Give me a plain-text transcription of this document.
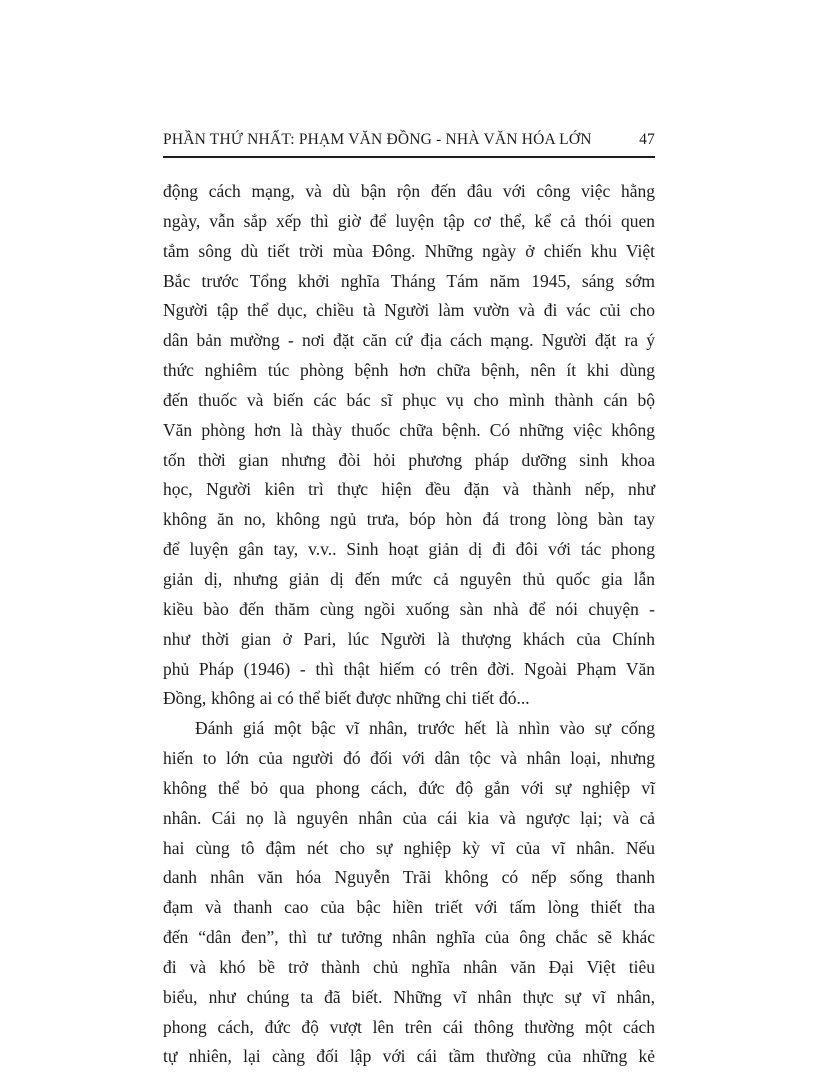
PHẦN THỨ NHẤT: PHẠM VĂN ĐỒNG - NHÀ VĂN HÓA LỚN	47
động cách mạng, và dù bận rộn đến đâu với công việc hằng
ngày, vẫn sắp xếp thì giờ để luyện tập cơ thể, kể cả thói quen
tắm sông dù tiết trời mùa Đông. Những ngày ở chiến khu Việt
Bắc trước Tổng khởi nghĩa Tháng Tám năm 1945, sáng sớm
Người tập thể dục, chiều tà Người làm vườn và đi vác củi cho
dân bản mường - nơi đặt căn cứ địa cách mạng. Người đặt ra ý
thức nghiêm túc phòng bệnh hơn chữa bệnh, nên ít khi dùng
đến thuốc và biến các bác sĩ phục vụ cho mình thành cán bộ
Văn phòng hơn là thày thuốc chữa bệnh. Có những việc không
tốn thời gian nhưng đòi hỏi phương pháp dưỡng sinh khoa
học, Người kiên trì thực hiện đều đặn và thành nếp, như
không ăn no, không ngủ trưa, bóp hòn đá trong lòng bàn tay
để luyện gân tay, v.v.. Sinh hoạt giản dị đi đôi với tác phong
giản dị, nhưng giản dị đến mức cả nguyên thủ quốc gia lẫn
kiều bào đến thăm cùng ngồi xuống sàn nhà để nói chuyện -
như thời gian ở Pari, lúc Người là thượng khách của Chính
phủ Pháp (1946) - thì thật hiếm có trên đời. Ngoài Phạm Văn
Đồng, không ai có thể biết được những chi tiết đó...
Đánh giá một bậc vĩ nhân, trước hết là nhìn vào sự cống
hiến to lớn của người đó đối với dân tộc và nhân loại, nhưng
không thể bỏ qua phong cách, đức độ gắn với sự nghiệp vĩ
nhân. Cái nọ là nguyên nhân của cái kia và ngược lại; và cả
hai cùng tô đậm nét cho sự nghiệp kỳ vĩ của vĩ nhân. Nếu
danh nhân văn hóa Nguyễn Trãi không có nếp sống thanh
đạm và thanh cao của bậc hiền triết với tấm lòng thiết tha
đến “dân đen”, thì tư tưởng nhân nghĩa của ông chắc sẽ khác
đi và khó bề trở thành chủ nghĩa nhân văn Đại Việt tiêu
biểu, như chúng ta đã biết. Những vĩ nhân thực sự vĩ nhân,
phong cách, đức độ vượt lên trên cái thông thường một cách
tự nhiên, lại càng đối lập với cái tầm thường của những kẻ
